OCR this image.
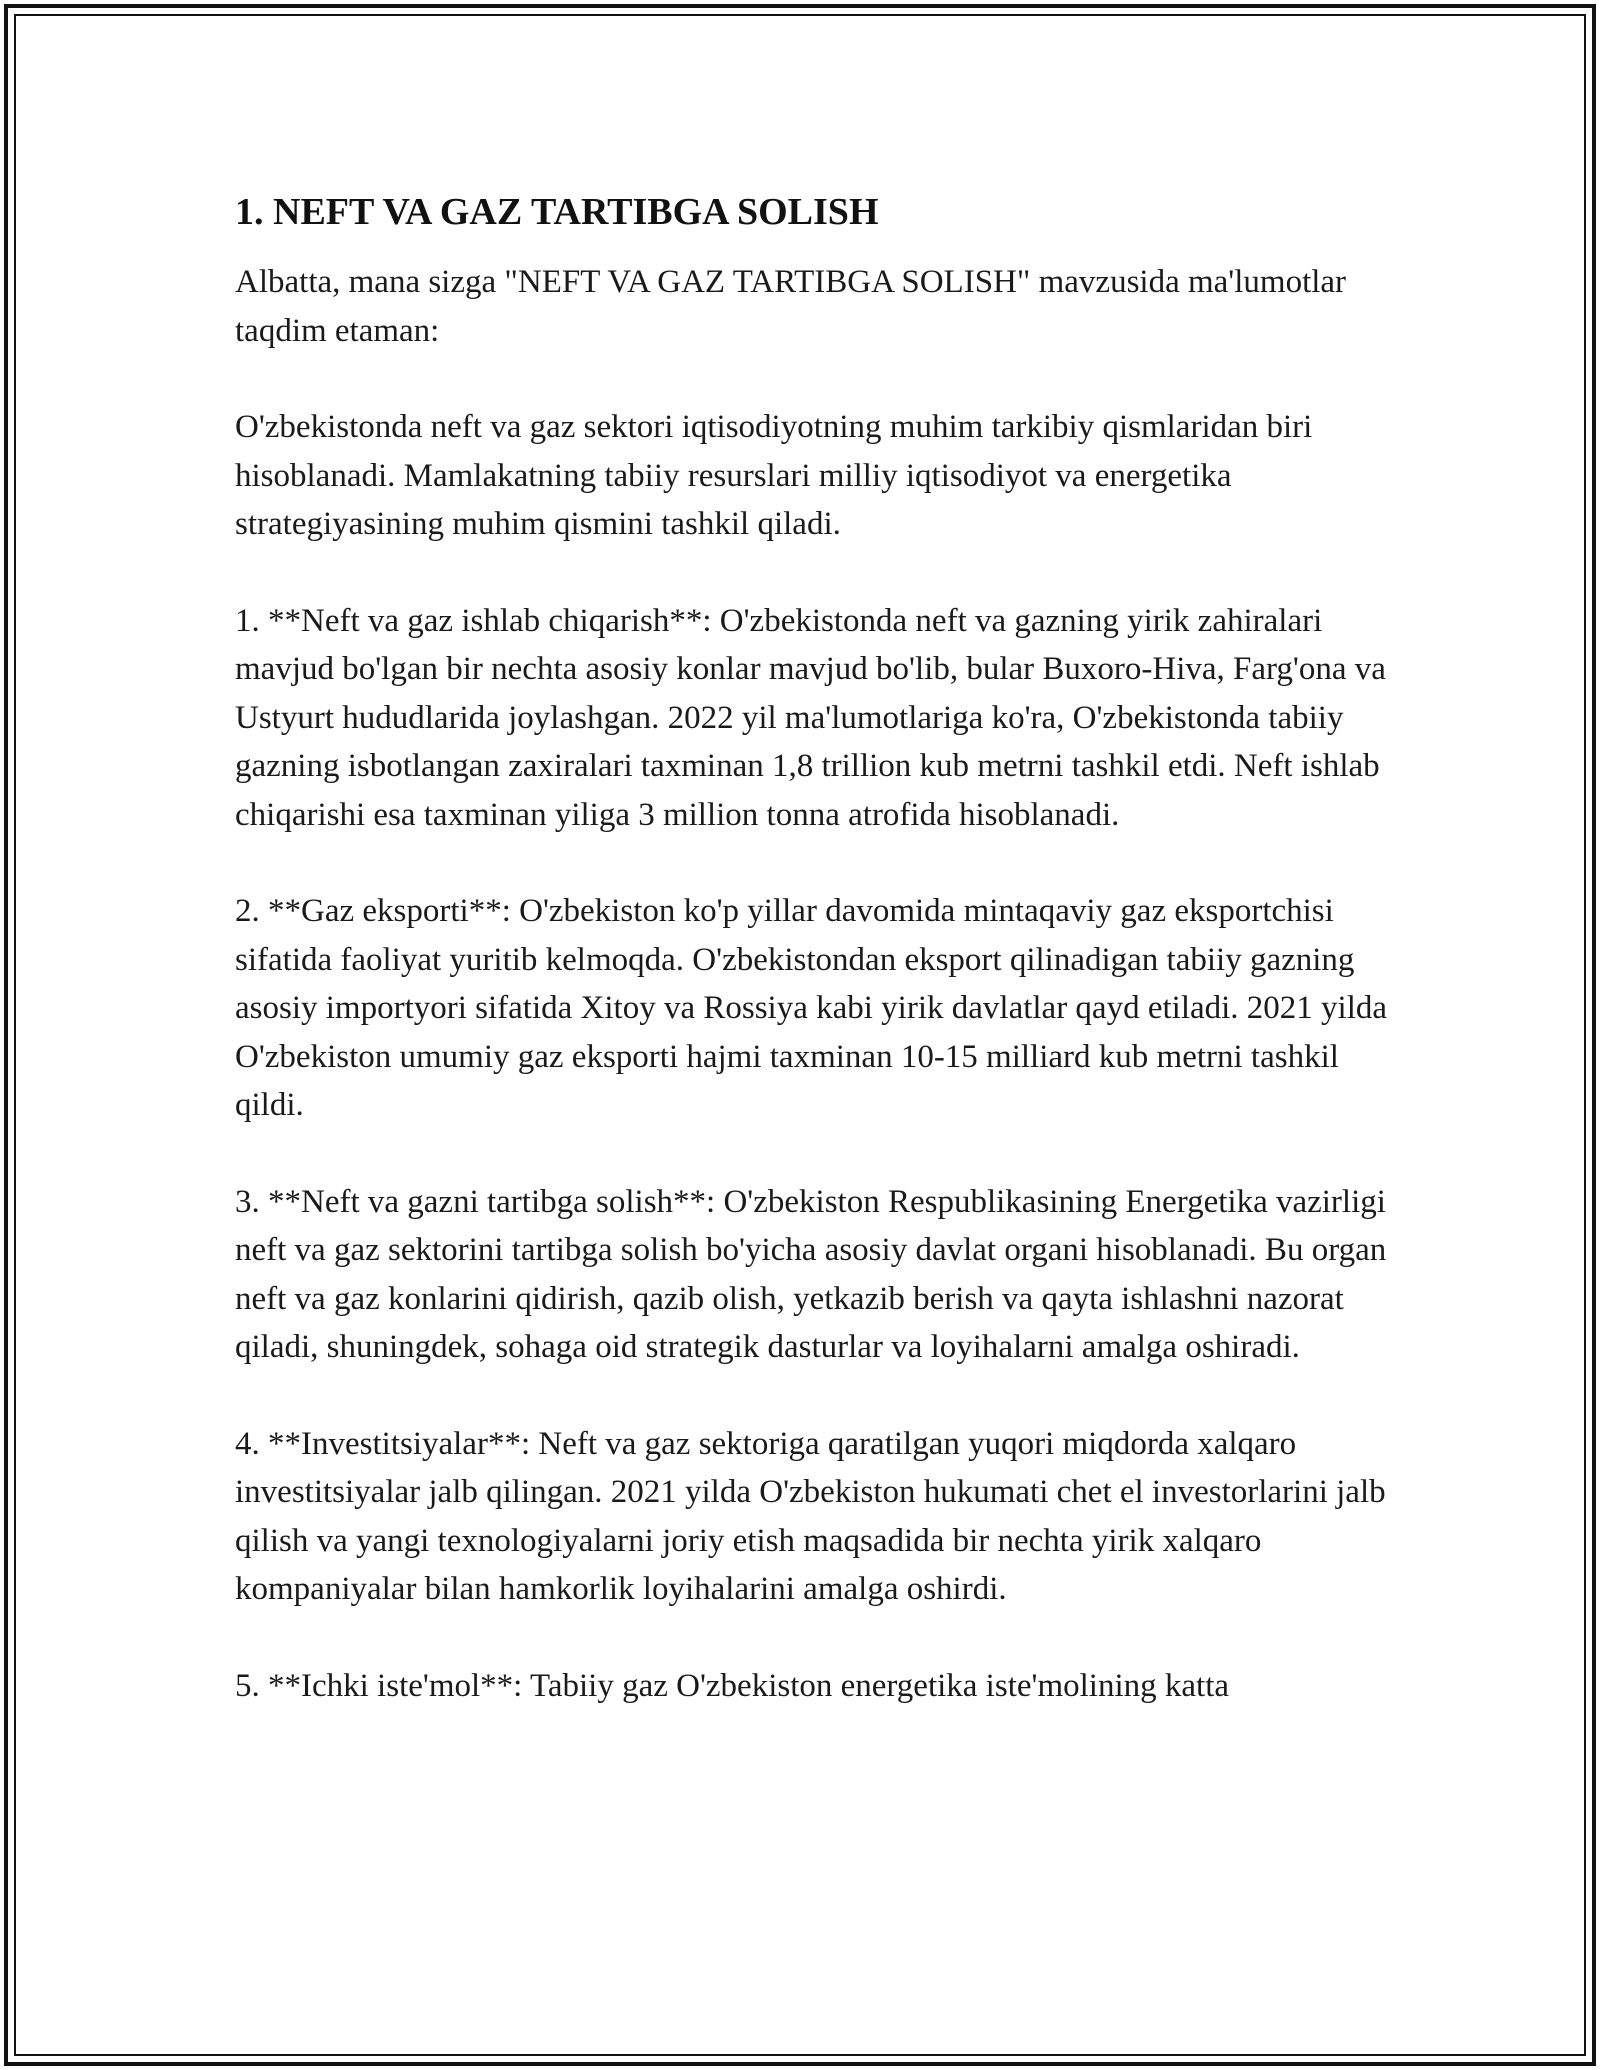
1. NEFT VA GAZ TARTIBGA SOLISH

Albatta, mana sizga "NEFT VA GAZ TARTIBGA SOLISH" mavzusida ma'lumotlar taqdim etaman:

O'zbekistonda neft va gaz sektori iqtisodiyotning muhim tarkibiy qismlaridan biri hisoblanadi. Mamlakatning tabiiy resurslari milliy iqtisodiyot va energetika strategiyasining muhim qismini tashkil qiladi.

1. **Neft va gaz ishlab chiqarish**: O'zbekistonda neft va gazning yirik zahiralari mavjud bo'lgan bir nechta asosiy konlar mavjud bo'lib, bular Buxoro-Hiva, Farg'ona va Ustyurt hududlarida joylashgan. 2022 yil ma'lumotlariga ko'ra, O'zbekistonda tabiiy gazning isbotlangan zaxiralari taxminan 1,8 trillion kub metrni tashkil etdi. Neft ishlab chiqarishi esa taxminan yiliga 3 million tonna atrofida hisoblanadi.

2. **Gaz eksporti**: O'zbekiston ko'p yillar davomida mintaqaviy gaz eksportchisi sifatida faoliyat yuritib kelmoqda. O'zbekistondan eksport qilinadigan tabiiy gazning asosiy importyori sifatida Xitoy va Rossiya kabi yirik davlatlar qayd etiladi. 2021 yilda O'zbekiston umumiy gaz eksporti hajmi taxminan 10-15 milliard kub metrni tashkil qildi.

3. **Neft va gazni tartibga solish**: O'zbekiston Respublikasining Energetika vazirligi neft va gaz sektorini tartibga solish bo'yicha asosiy davlat organi hisoblanadi. Bu organ neft va gaz konlarini qidirish, qazib olish, yetkazib berish va qayta ishlashni nazorat qiladi, shuningdek, sohaga oid strategik dasturlar va loyihalarni amalga oshiradi.

4. **Investitsiyalar**: Neft va gaz sektoriga qaratilgan yuqori miqdorda xalqaro investitsiyalar jalb qilingan. 2021 yilda O'zbekiston hukumati chet el investorlarini jalb qilish va yangi texnologiyalarni joriy etish maqsadida bir nechta yirik xalqaro kompaniyalar bilan hamkorlik loyihalarini amalga oshirdi.

5. **Ichki iste'mol**: Tabiiy gaz O'zbekiston energetika iste'molining katta
